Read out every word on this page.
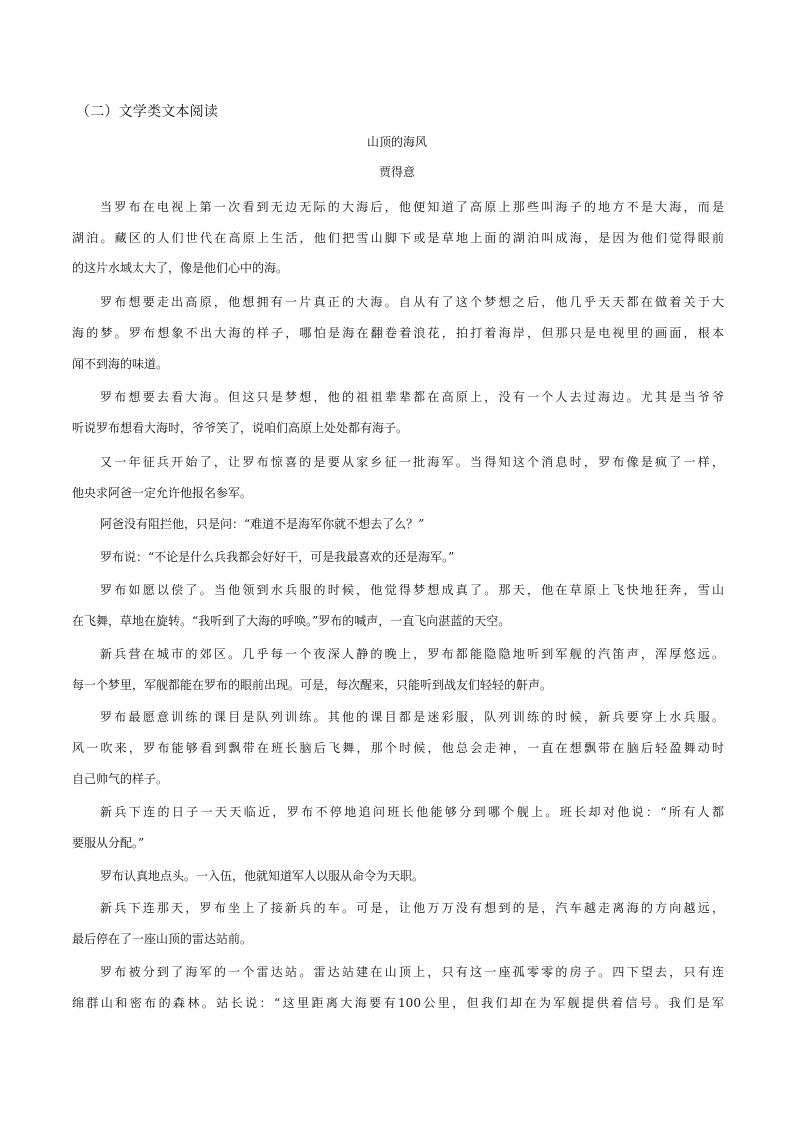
（二）文学类文本阅读
山顶的海风
贾得意
当罗布在电视上第一次看到无边无际的大海后，他便知道了高原上那些叫海子的地方不是大海，而是
湖泊。藏区的人们世代在高原上生活，他们把雪山脚下或是草地上面的湖泊叫成海，是因为他们觉得眼前
的这片水域太大了，像是他们心中的海。
罗布想要走出高原，他想拥有一片真正的大海。自从有了这个梦想之后，他几乎天天都在做着关于大
海的梦。罗布想象不出大海的样子，哪怕是海在翻卷着浪花，拍打着海岸，但那只是电视里的画面，根本
闻不到海的味道。
罗布想要去看大海。但这只是梦想，他的祖祖辈辈都在高原上，没有一个人去过海边。尤其是当爷爷
听说罗布想看大海时，爷爷笑了，说咱们高原上处处都有海子。
又一年征兵开始了，让罗布惊喜的是要从家乡征一批海军。当得知这个消息时，罗布像是疯了一样，
他央求阿爸一定允许他报名参军。
阿爸没有阻拦他，只是问：“难道不是海军你就不想去了么？”
罗布说：“不论是什么兵我都会好好干，可是我最喜欢的还是海军。”
罗布如愿以偿了。当他领到水兵服的时候，他觉得梦想成真了。那天，他在草原上飞快地狂奔，雪山
在飞舞，草地在旋转。“我听到了大海的呼唤。”罗布的喊声，一直飞向湛蓝的天空。
新兵营在城市的郊区。几乎每一个夜深人静的晚上，罗布都能隐隐地听到军舰的汽笛声，浑厚悠远。
每一个梦里，军舰都能在罗布的眼前出现。可是，每次醒来，只能听到战友们轻轻的鼾声。
罗布最愿意训练的课目是队列训练。其他的课目都是迷彩服，队列训练的时候，新兵要穿上水兵服。
风一吹来，罗布能够看到飘带在班长脑后飞舞，那个时候，他总会走神，一直在想飘带在脑后轻盈舞动时
自己帅气的样子。
新兵下连的日子一天天临近，罗布不停地追问班长他能够分到哪个舰上。班长却对他说：“所有人都
要服从分配。”
罗布认真地点头。一入伍，他就知道军人以服从命令为天职。
新兵下连那天，罗布坐上了接新兵的车。可是，让他万万没有想到的是，汽车越走离海的方向越远，
最后停在了一座山顶的雷达站前。
罗布被分到了海军的一个雷达站。雷达站建在山顶上，只有这一座孤零零的房子。四下望去，只有连
绵群山和密布的森林。站长说：“这里距离大海要有100公里，但我们却在为军舰提供着信号。我们是军
